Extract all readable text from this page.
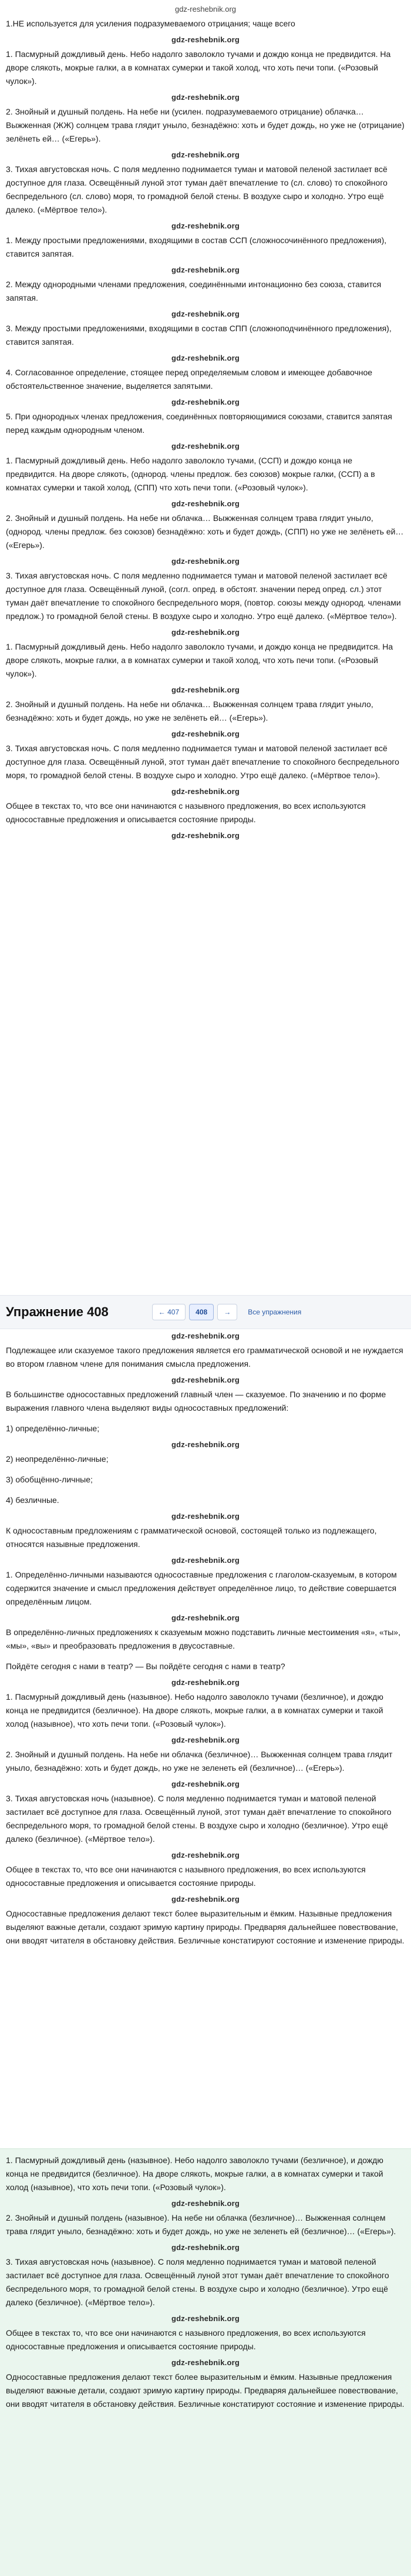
gdz-reshebnik.org

1.НЕ используется для усиления подразумеваемого отрицания; чаще всего

gdz-reshebnik.org

1. Пасмурный дождливый день. Небо надолго заволокло тучами и дождю конца не предвидится. На дворе слякоть, мокрые галки, а в комнатах сумерки и такой холод, что хоть печи топи. («Розовый чулок»).

gdz-reshebnik.org

2. Знойный и душный полдень. На небе ни (усилен. подразумеваемого отрицание) облачка… Выжженная (ЖЖ) солнцем трава глядит уныло, безнадёжно: хоть и будет дождь, но уже не (отрицание) зелёнеть ей… («Егерь»).

gdz-reshebnik.org

3. Тихая августовская ночь. С поля медленно поднимается туман и матовой пеленой застилает всё доступное для глаза. Освещённый луной этот туман даёт впечатление то (сл. слово) то спокойного беспредельного (сл. слово) моря, то громадной белой стены. В воздухе сыро и холодно. Утро ещё далеко. («Мёртвое тело»).

gdz-reshebnik.org

1. Между простыми предложениями, входящими в состав ССП (сложносочинённого предложения), ставится запятая.

gdz-reshebnik.org

2. Между однородными членами предложения, соединёнными интонационно без союза, ставится запятая.

gdz-reshebnik.org

3. Между простыми предложениями, входящими в состав СПП (сложноподчинённого предложения), ставится запятая.

gdz-reshebnik.org

4. Согласованное определение, стоящее перед определяемым словом и имеющее добавочное обстоятельственное значение, выделяется запятыми.

gdz-reshebnik.org

5. При однородных членах предложения, соединённых повторяющимися союзами, ставится запятая перед каждым однородным членом.

gdz-reshebnik.org

1. Пасмурный дождливый день. Небо надолго заволокло тучами, (ССП) и дождю конца не предвидится. На дворе слякоть, (однород. члены предлож. без союзов) мокрые галки, (ССП) а в комнатах сумерки и такой холод, (СПП) что хоть печи топи. («Розовый чулок»).

gdz-reshebnik.org

2. Знойный и душный полдень. На небе ни облачка… Выжженная солнцем трава глядит уныло, (однород. члены предлож. без союзов) безнадёжно: хоть и будет дождь, (СПП) но уже не зелёнеть ей… («Егерь»).

gdz-reshebnik.org

3. Тихая августовская ночь. С поля медленно поднимается туман и матовой пеленой застилает всё доступное для глаза. Освещённый луной, (согл. опред. в обстоят. значении перед опред. сл.) этот туман даёт впечатление то спокойного беспредельного моря, (повтор. союзы между однород. членами предлож.) то громадной белой стены. В воздухе сыро и холодно. Утро ещё далеко. («Мёртвое тело»).

gdz-reshebnik.org

1. Пасмурный дождливый день. Небо надолго заволокло тучами, и дождю конца не предвидится. На дворе слякоть, мокрые галки, а в комнатах сумерки и такой холод, что хоть печи топи. («Розовый чулок»).

gdz-reshebnik.org

2. Знойный и душный полдень. На небе ни облачка… Выжженная солнцем трава глядит уныло, безнадёжно: хоть и будет дождь, но уже не зелёнеть ей… («Егерь»).

gdz-reshebnik.org

3. Тихая августовская ночь. С поля медленно поднимается туман и матовой пеленой застилает всё доступное для глаза. Освещённый луной, этот туман даёт впечатление то спокойного беспредельного моря, то громадной белой стены. В воздухе сыро и холодно. Утро ещё далеко. («Мёртвое тело»).

gdz-reshebnik.org

Общее в текстах то, что все они начинаются с назывного предложения, во всех используются односоставные предложения и описывается состояние природы.

gdz-reshebnik.org
Упражнение 408	← 407 408 → Все упражнения
gdz-reshebnik.org

Подлежащее или сказуемое такого предложения является его грамматической основой и не нуждается во втором главном члене для понимания смысла предложения.

gdz-reshebnik.org

В большинстве односоставных предложений главный член — сказуемое. По значению и по форме выражения главного члена выделяют виды односоставных предложений:

1) определённо-личные;

gdz-reshebnik.org

2) неопределённо-личные;

3) обобщённо-личные;

4) безличные.

gdz-reshebnik.org

К односоставным предложениям с грамматической основой, состоящей только из подлежащего, относятся назывные предложения.

gdz-reshebnik.org

1. Определённо-личными называются односоставные предложения с глаголом-сказуемым, в котором содержится значение и смысл предложения действует определённое лицо, то действие совершается определённым лицом.

gdz-reshebnik.org

В определённо-личных предложениях к сказуемым можно подставить личные местоимения «я», «ты», «мы», «вы» и преобразовать предложения в двусоставные.

Пойдёте сегодня с нами в театр? — Вы пойдёте сегодня с нами в театр?

gdz-reshebnik.org

1. Пасмурный дождливый день (назывное). Небо надолго заволокло тучами (безличное), и дождю конца не предвидится (безличное). На дворе слякоть, мокрые галки, а в комнатах сумерки и такой холод (назывное), что хоть печи топи. («Розовый чулок»).

gdz-reshebnik.org

2. Знойный и душный полдень. На небе ни облачка (безличное)… Выжженная солнцем трава глядит уныло, безнадёжно: хоть и будет дождь, но уже не зеленеть ей (безличное)… («Егерь»).

gdz-reshebnik.org

3. Тихая августовская ночь (назывное). С поля медленно поднимается туман и матовой пеленой застилает всё доступное для глаза. Освещённый луной, этот туман даёт впечатление то спокойного беспредельного моря, то громадной белой стены. В воздухе сыро и холодно (безличное). Утро ещё далеко (безличное). («Мёртвое тело»).

gdz-reshebnik.org

Общее в текстах то, что все они начинаются с назывного предложения, во всех используются односоставные предложения и описывается состояние природы.

gdz-reshebnik.org

Односоставные предложения делают текст более выразительным и ёмким. Назывные предложения выделяют важные детали, создают зримую картину природы. Предваряя дальнейшее повествование, они вводят читателя в обстановку действия. Безличные констатируют состояние и изменение природы.

1. Пасмурный дождливый день (назывное). Небо надолго заволокло тучами (безличное), и дождю конца не предвидится (безличное). На дворе слякоть, мокрые галки, а в комнатах сумерки и такой холод (назывное), что хоть печи топи. («Розовый чулок»).

gdz-reshebnik.org

2. Знойный и душный полдень (назывное). На небе ни облачка (безличное)… Выжженная солнцем трава глядит уныло, безнадёжно: хоть и будет дождь, но уже не зеленеть ей (безличное)… («Егерь»).

gdz-reshebnik.org

3. Тихая августовская ночь (назывное). С поля медленно поднимается туман и матовой пеленой застилает всё доступное для глаза. Освещённый луной этот туман даёт впечатление то спокойного беспредельного моря, то громадной белой стены. В воздухе сыро и холодно (безличное). Утро ещё далеко (безличное). («Мёртвое тело»).

gdz-reshebnik.org

Общее в текстах то, что все они начинаются с назывного предложения, во всех используются односоставные предложения и описывается состояние природы.

gdz-reshebnik.org

Односоставные предложения делают текст более выразительным и ёмким. Назывные предложения выделяют важные детали, создают зримую картину природы. Предваряя дальнейшее повествование, они вводят читателя в обстановку действия. Безличные констатируют состояние и изменение природы.
